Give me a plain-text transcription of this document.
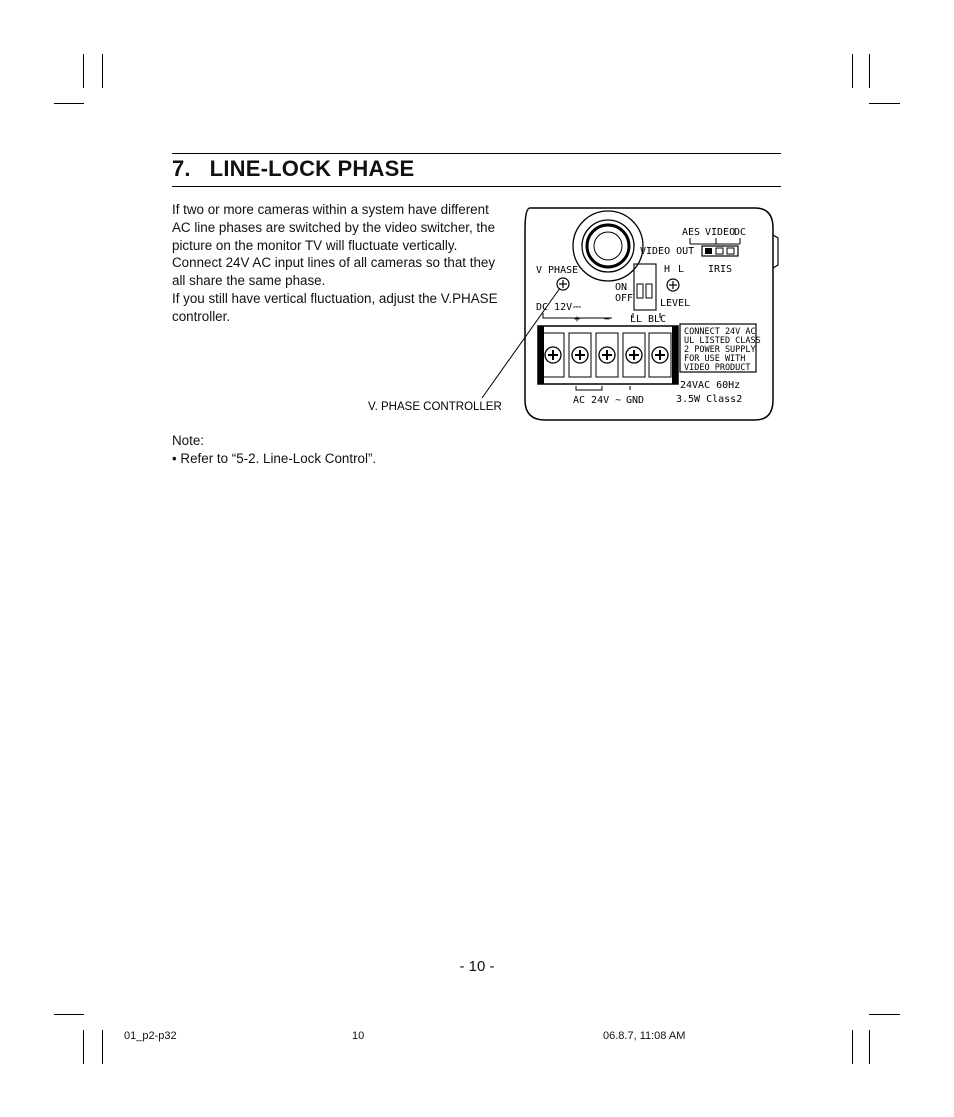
7.   LINE-LOCK PHASE

If two or more cameras within a system have different AC line phases are switched by the video switcher, the picture on the monitor TV will fluctuate vertically.

Connect 24V AC input lines of all cameras so that they all share the same phase.

If you still have vertical fluctuation, adjust the V.PHASE controller.

V PHASE
DC 12V ⎓
+ −
VIDEO OUT
AES VIDEO
DC
IRIS
ON
OFF
H L
LEVEL
LL BLC
AC 24V ~ GND
CONNECT 24V AC
UL LISTED CLASS
2 POWER SUPPLY
FOR USE WITH
VIDEO PRODUCT
24VAC 60Hz
3.5W Class2
V. PHASE CONTROLLER
Note:
• Refer to “5-2. Line-Lock Control”.
- 10 -
01_p2-p32	10	06.8.7, 11:08 AM
